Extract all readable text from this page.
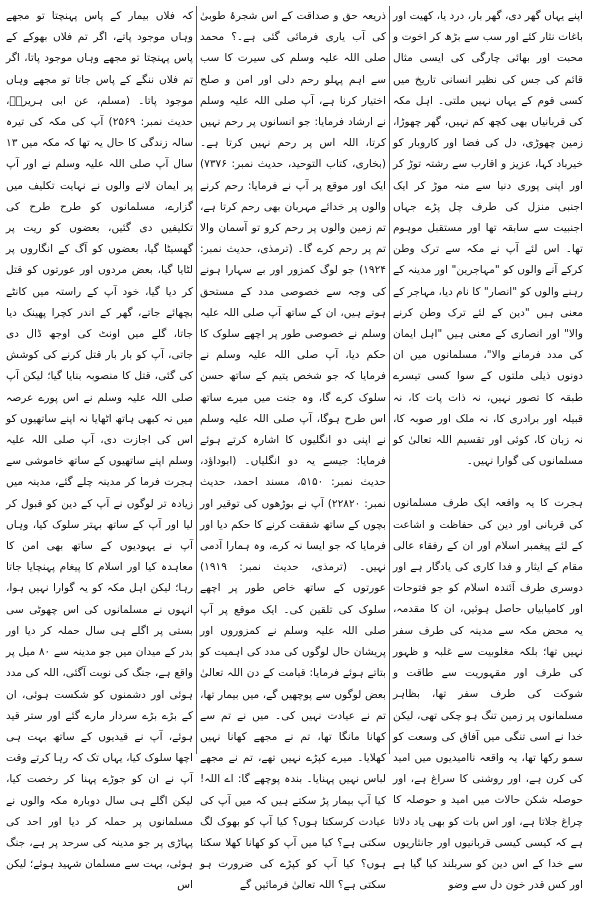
اپنے یہاں گھر دی، گھر بار، درد یا، کھیت اور باغات نثار کئے اور سب سے بڑھ کر اخوت و محبت اور بھائی چارگی کی ایسی مثال قائم کی جس کی نظیر انسانی تاریخ میں کسی قوم کے یہاں نہیں ملتی۔ اہل مکہ کی قربانیاں بھی کچھ کم نہیں، گھر چھوڑا، زمین چھوڑی، دل کی فضا اور کاروبار کو خیرباد کہا، عزیز و اقارب سے رشتہ توڑ کر اور اپنی پوری دنیا سے منہ موڑ کر ایک اجنبی منزل کی طرف چل پڑے جہاں اجنبیت سے سابقہ تھا اور مستقبل موہوم تھا۔ اس لئے آپ نے مکہ سے ترک وطن کرکے آنے والوں کو "مہاجرین" اور مدینہ کے رہنے والوں کو "انصار" کا نام دیا، مہاجر کے معنی ہیں "دین کے لئے ترک وطن کرنے والا" اور انصاری کے معنی ہیں "اہل ایمان کی مدد فرمانے والا"، مسلمانوں میں ان دونوں ذیلی ملتوں کے سوا کسی تیسرے طبقہ کا تصور نہیں، نہ ذات پات کا، نہ قبیلہ اور برادری کا، نہ ملک اور صوبہ کا، نہ زبان کا، کوئی اور تقسیم اللہ تعالیٰ کو مسلمانوں کی گوارا نہیں۔

ہجرت کا یہ واقعہ ایک طرف مسلمانوں کی قربانی اور دین کی حفاظت و اشاعت کے لئے پیغمبر اسلام اور ان کے رفقاء عالی مقام کے ایثار و فدا کاری کی یادگار ہے اور دوسری طرف آئندہ اسلام کو جو فتوحات اور کامیابیاں حاصل ہوئیں، ان کا مقدمہ، یہ محض مکہ سے مدینہ کی طرف سفر نہیں تھا؛ بلکہ مغلوبیت سے غلبہ و ظہور کی طرف اور مقہوریت سے طاقت و شوکت کی طرف سفر تھا، بظاہر مسلمانوں پر زمین تنگ ہو چکی تھی، لیکن خدا نے اسی تنگی میں آفاق کی وسعت کو سمو رکھا تھا، یہ واقعہ ناامیدیوں میں امید کی کرن ہے، اور روشنی کا سراغ ہے، اور حوصلہ شکن حالات میں امید و حوصلہ کا چراغ جلاتا ہے، اور اس بات کو بھی یاد دلاتا ہے کہ کیسی کیسی قربانیوں اور جانثاریوں سے خدا کے اس دین کو سربلند کیا گیا ہے اور کس قدر خون دل سے وضو

ذریعہ حق و صداقت کے اس شجرۂ طوبیٰ کی آب یاری فرمائی گئی ہے۔؟ محمد صلی اللہ علیہ وسلم کی سیرت کا سب سے اہم پہلو رحم دلی اور امن و صلح اختیار کرنا ہے، آپ صلی اللہ علیہ وسلم نے ارشاد فرمایا: جو انسانوں پر رحم نہیں کرتا، اللہ اس پر رحم نہیں کرتا ہے۔ (بخاری، کتاب التوحید، حدیث نمبر: ۷۳۷۶) ایک اور موقع پر آپ نے فرمایا: رحم کرنے والوں پر خدائے مہربان بھی رحم کرتا ہے، تم زمین والوں پر رحم کرو تو آسمان والا تم پر رحم کرے گا۔ (ترمذی، حدیث نمبر: ۱۹۲۴) جو لوگ کمزور اور بے سہارا ہونے کی وجہ سے خصوصی مدد کے مستحق ہوتے ہیں، ان کے ساتھ آپ صلی اللہ علیہ وسلم نے خصوصی طور پر اچھے سلوک کا حکم دیا، آپ صلی اللہ علیہ وسلم نے فرمایا کہ جو شخص یتیم کے ساتھ حسن سلوک کرے گا، وہ جنت میں میرے ساتھ اس طرح ہوگا، آپ صلی اللہ علیہ وسلم نے اپنی دو انگلیوں کا اشارہ کرتے ہوئے فرمایا: جیسے یہ دو انگلیاں۔ (ابوداؤد، حدیث نمبر: ۵۱۵۰، مسند احمد، حدیث نمبر: ۲۲۸۲۰) آپ نے بوڑھوں کی توقیر اور بچوں کے ساتھ شفقت کرنے کا حکم دیا اور فرمایا کہ جو ایسا نہ کرے، وہ ہمارا آدمی نہیں۔ (ترمذی، حدیث نمبر: ۱۹۱۹) عورتوں کے ساتھ خاص طور پر اچھے سلوک کی تلقین کی۔ ایک موقع پر آپ صلی اللہ علیہ وسلم نے کمزوروں اور پریشان حال لوگوں کی مدد کی اہمیت کو بتاتے ہوئے فرمایا: قیامت کے دن اللہ تعالیٰ بعض لوگوں سے پوچھیں گے، میں بیمار تھا، تم نے عیادت نہیں کی۔ میں نے تم سے کھانا مانگا تھا، تم نے مجھے کھانا نہیں کھلایا۔ میرے کپڑے نہیں تھے، تم نے مجھے لباس نہیں پہنایا۔ بندہ پوچھے گا: اے اللہ! کیا آپ بیمار پڑ سکتے ہیں کہ میں آپ کی عیادت کرسکتا ہوں؟ کیا آپ کو بھوک لگ سکتی ہے؟ کیا میں آپ کو کھانا کھلا سکتا ہوں؟ کیا آپ کو کپڑے کی ضرورت ہو سکتی ہے؟ اللہ تعالیٰ فرمائیں گے

کہ فلاں بیمار کے پاس پہنچتا تو مجھے وہاں موجود پاتے، اگر تم فلاں بھوکے کے پاس پہنچتا تو مجھے وہاں موجود پاتا، اگر تم فلاں ننگے کے پاس جاتا تو مجھے وہاں موجود پاتا۔ (مسلم، عن ابی ہریرہؓ، حدیث نمبر: ۲۵۶۹) آپ کی مکہ کی تیرہ سالہ زندگی کا حال یہ تھا کہ مکہ میں ۱۳ سال آپ صلی اللہ علیہ وسلم نے اور آپ پر ایمان لانے والوں نے نہایت تکلیف میں گزارے، مسلمانوں کو طرح طرح کی تکلیفیں دی گئیں، بعضوں کو ریت پر گھسیٹا گیا، بعضوں کو آگ کے انگاروں پر لٹایا گیا، بعض مردوں اور عورتوں کو قتل کر دیا گیا، خود آپ کے راستہ میں کانٹے بچھائے جاتے، گھر کے اندر کچرا پھینک دیا جاتا، گلے میں اونٹ کی اوجھ ڈال دی جاتی، آپ کو بار بار قتل کرنے کی کوشش کی گئی، قتل کا منصوبہ بنایا گیا؛ لیکن آپ صلی اللہ علیہ وسلم نے اس پورے عرصہ میں نہ کبھی ہاتھ اٹھایا نہ اپنے ساتھیوں کو اس کی اجازت دی، آپ صلی اللہ علیہ وسلم اپنے ساتھیوں کے ساتھ خاموشی سے ہجرت فرما کر مدینہ چلے گئے، مدینہ میں زیادہ تر لوگوں نے آپ کے دین کو قبول کر لیا اور آپ کے ساتھ بہتر سلوک کیا، وہاں آپ نے یہودیوں کے ساتھ بھی امن کا معاہدہ کیا اور اسلام کا پیغام پہنچایا جاتا رہا؛ لیکن اہل مکہ کو یہ گوارا نہیں ہوا، انہوں نے مسلمانوں کی اس چھوٹی سی بستی پر اگلے ہی سال حملہ کر دیا اور بدر کے میدان میں جو مدینہ سے ۸۰ میل پر واقع ہے، جنگ کی نوبت آگئی، اللہ کی مدد ہوئی اور دشمنوں کو شکست ہوئی، ان کے بڑے بڑے سردار مارے گئے اور ستر قید ہوئے، آپ نے قیدیوں کے ساتھ بہت ہی اچھا سلوک کیا، یہاں تک کہ رہا کرتے وقت آپ نے ان کو جوڑے پہنا کر رخصت کیا، لیکن اگلے ہی سال دوبارہ مکہ والوں نے مسلمانوں پر حملہ کر دیا اور احد کی پہاڑی پر جو مدینہ کی سرحد پر ہے، جنگ ہوئی، بہت سے مسلمان شہید ہوئے؛ لیکن اس
